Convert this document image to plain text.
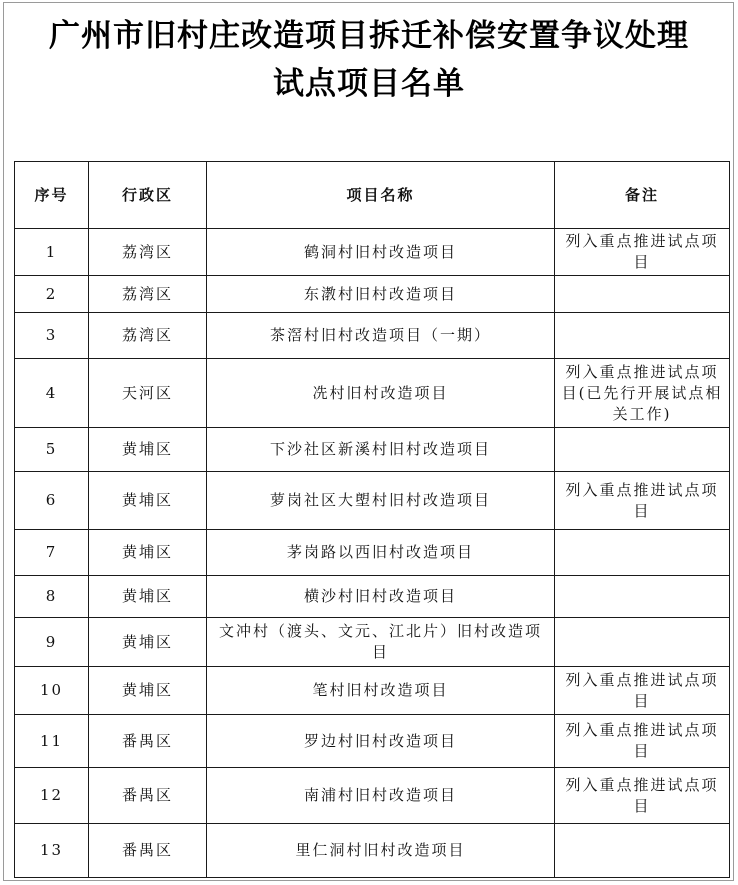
广州市旧村庄改造项目拆迁补偿安置争议处理
试点项目名单
序号	行政区	项目名称	备注
1	荔湾区	鹤洞村旧村改造项目	列入重点推进试点项目
2	荔湾区	东漖村旧村改造项目	
3	荔湾区	茶滘村旧村改造项目（一期）	
4	天河区	冼村旧村改造项目	列入重点推进试点项目(已先行开展试点相关工作)
5	黄埔区	下沙社区新溪村旧村改造项目	
6	黄埔区	萝岗社区大塱村旧村改造项目	列入重点推进试点项目
7	黄埔区	茅岗路以西旧村改造项目	
8	黄埔区	横沙村旧村改造项目	
9	黄埔区	文冲村（渡头、文元、江北片）旧村改造项目	
10	黄埔区	笔村旧村改造项目	列入重点推进试点项目
11	番禺区	罗边村旧村改造项目	列入重点推进试点项目
12	番禺区	南浦村旧村改造项目	列入重点推进试点项目
13	番禺区	里仁洞村旧村改造项目	
